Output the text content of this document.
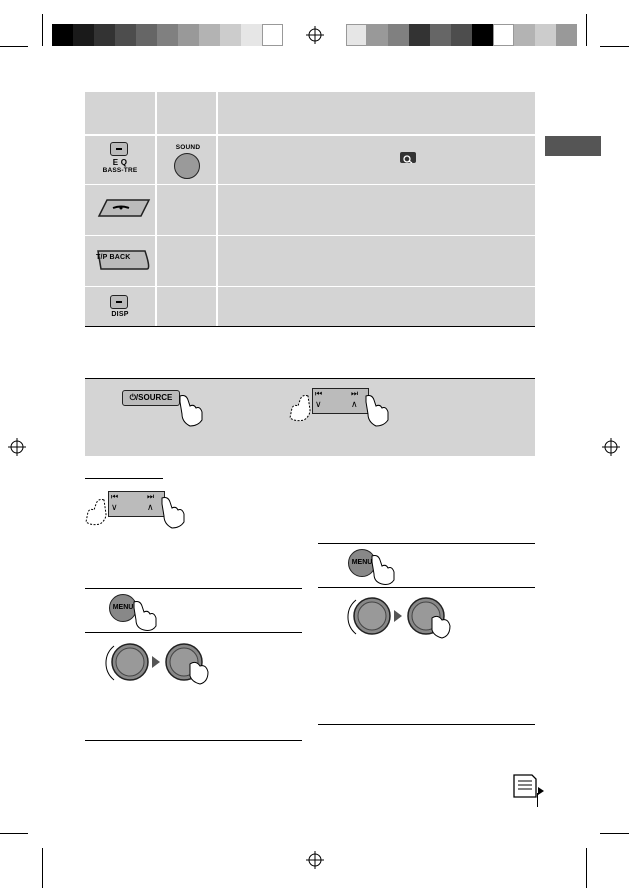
E Q
BASS-TRE
SOUND
T/P BACK
DISP
⏻/SOURCE	⏮
∨
⏭
∧
⏮
∨
⏭
∧
MENU
MENU
